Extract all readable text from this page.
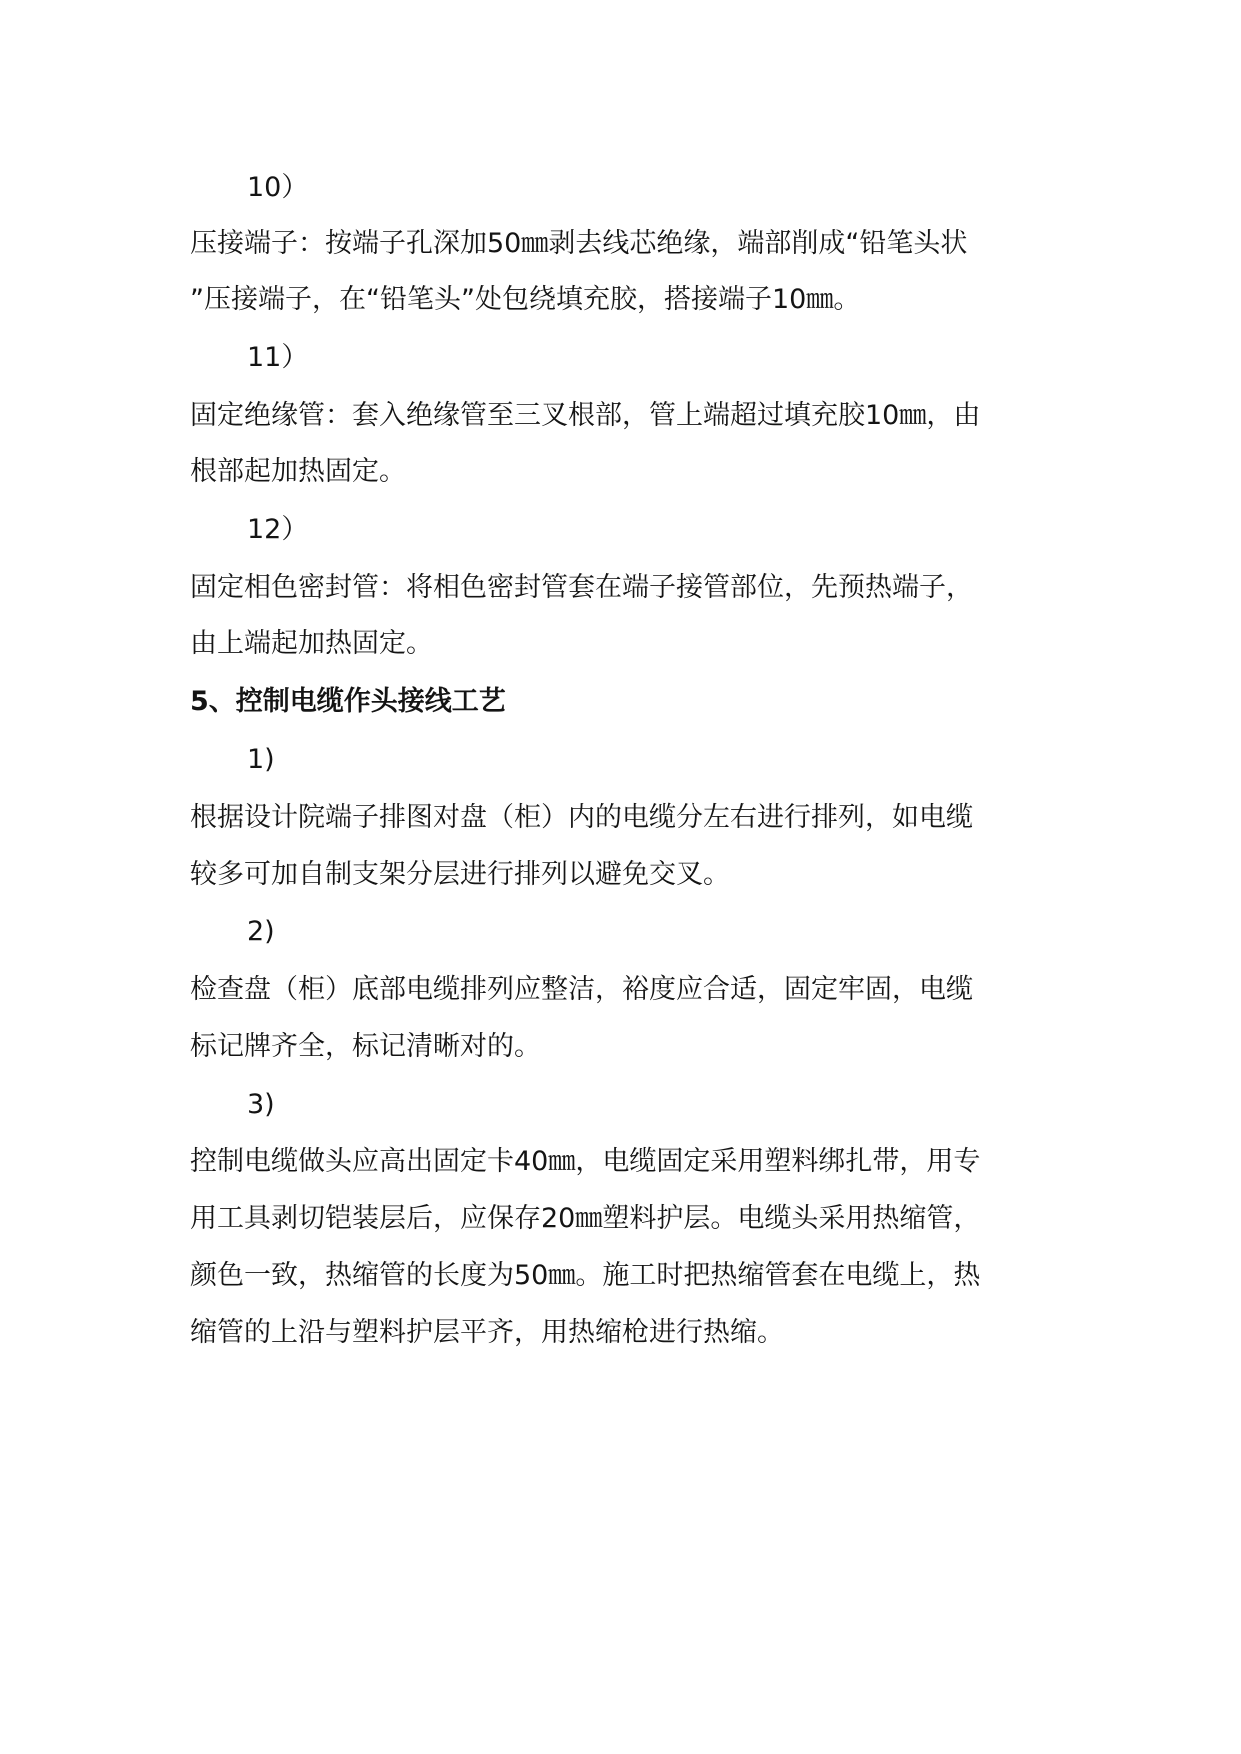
10）
压接端子：按端子孔深加50㎜剥去线芯绝缘，端部削成“铅笔头状
”压接端子，在“铅笔头”处包绕填充胶，搭接端子10㎜。
11）
固定绝缘管：套入绝缘管至三叉根部，管上端超过填充胶10㎜，由
根部起加热固定。
12）
固定相色密封管：将相色密封管套在端子接管部位，先预热端子，
由上端起加热固定。
5、控制电缆作头接线工艺
1)
根据设计院端子排图对盘（柜）内的电缆分左右进行排列，如电缆
较多可加自制支架分层进行排列以避免交叉。
2)
检查盘（柜）底部电缆排列应整洁，裕度应合适，固定牢固，电缆
标记牌齐全，标记清晰对的。
3)
控制电缆做头应高出固定卡40㎜，电缆固定采用塑料绑扎带，用专
用工具剥切铠装层后，应保存20㎜塑料护层。电缆头采用热缩管，
颜色一致，热缩管的长度为50㎜。施工时把热缩管套在电缆上，热
缩管的上沿与塑料护层平齐，用热缩枪进行热缩。
